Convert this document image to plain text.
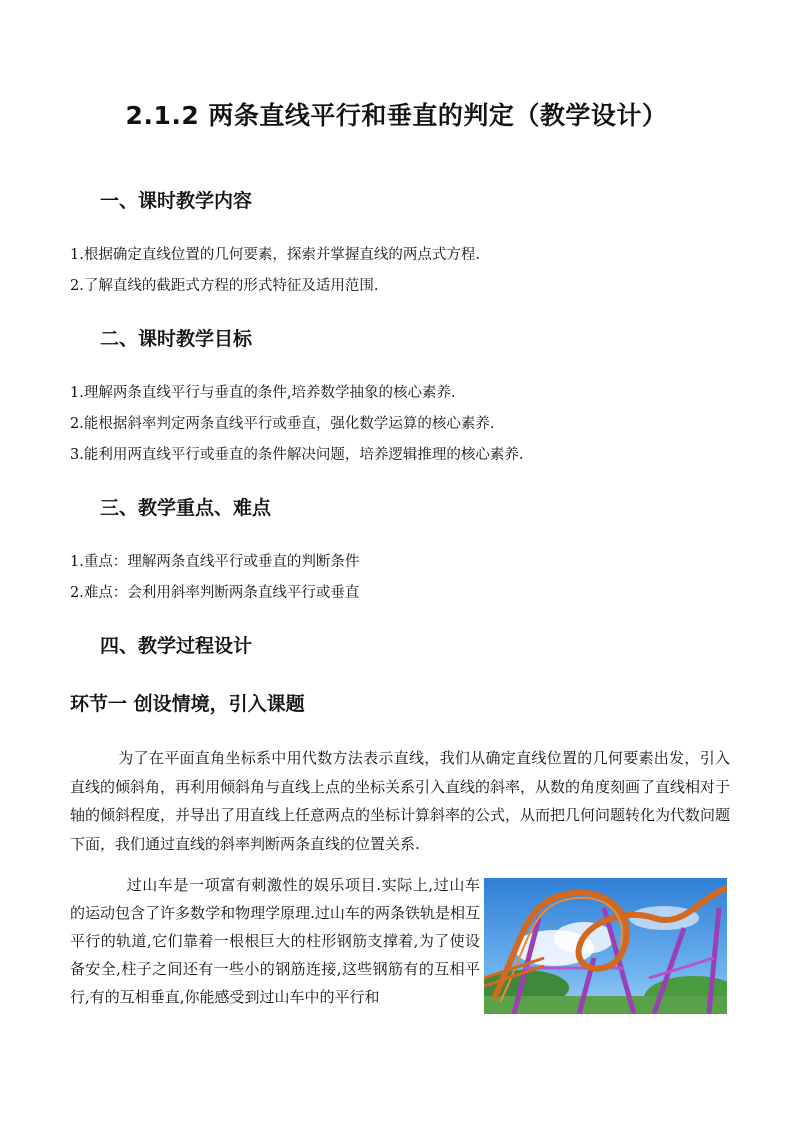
2.1.2 两条直线平行和垂直的判定（教学设计）
一、课时教学内容
1.根据确定直线位置的几何要素，探索并掌握直线的两点式方程.
2.了解直线的截距式方程的形式特征及适用范围.
二、课时教学目标
1.理解两条直线平行与垂直的条件,培养数学抽象的核心素养.
2.能根据斜率判定两条直线平行或垂直，强化数学运算的核心素养.
3.能利用两直线平行或垂直的条件解决问题，培养逻辑推理的核心素养.
三、教学重点、难点
1.重点：理解两条直线平行或垂直的判断条件
2.难点：会利用斜率判断两条直线平行或垂直
四、教学过程设计
环节一 创设情境，引入课题

为了在平面直角坐标系中用代数方法表示直线，我们从确定直线位置的几何要素出发，引入直线的倾斜角，再利用倾斜角与直线上点的坐标关系引入直线的斜率，从数的角度刻画了直线相对于轴的倾斜程度，并导出了用直线上任意两点的坐标计算斜率的公式，从而把几何问题转化为代数问题下面，我们通过直线的斜率判断两条直线的位置关系.

过山车是一项富有刺激性的娱乐项目.实际上,过山车的运动包含了许多数学和物理学原理.过山车的两条铁轨是相互平行的轨道,它们靠着一根根巨大的柱形钢筋支撑着,为了使设备安全,柱子之间还有一些小的钢筋连接,这些钢筋有的互相平行,有的互相垂直,你能感受到过山车中的平行和
